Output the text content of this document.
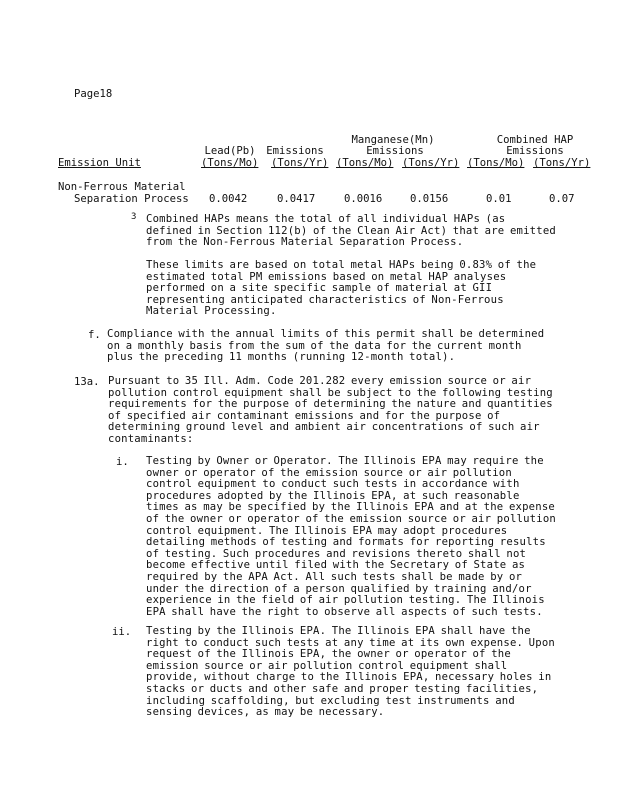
Page18
Manganese(Mn)	Combined HAP
Lead(Pb)	Emissions	Emissions	Emissions
Emission Unit	(Tons/Mo) (Tons/Yr) (Tons/Mo) (Tons/Yr) (Tons/Mo) (Tons/Yr)
Non-Ferrous Material
Separation Process 0.0042	0.0417	0.0016	0.0156	0.01	0.07
3 Combined HAPs means the total of all individual HAPs (as defined in Section 112(b) of the Clean Air Act) that are emitted from the Non-Ferrous Material Separation Process.
These limits are based on total metal HAPs being 0.83% of the estimated total PM emissions based on metal HAP analyses performed on a site specific sample of material at GII representing anticipated characteristics of Non-Ferrous Material Processing.
f. Compliance with the annual limits of this permit shall be determined on a monthly basis from the sum of the data for the current month plus the preceding 11 months (running 12-month total).
13a. Pursuant to 35 Ill. Adm. Code 201.282 every emission source or air pollution control equipment shall be subject to the following testing requirements for the purpose of determining the nature and quantities of specified air contaminant emissions and for the purpose of determining ground level and ambient air concentrations of such air contaminants:
i. Testing by Owner or Operator. The Illinois EPA may require the owner or operator of the emission source or air pollution control equipment to conduct such tests in accordance with procedures adopted by the Illinois EPA, at such reasonable times as may be specified by the Illinois EPA and at the expense of the owner or operator of the emission source or air pollution control equipment. The Illinois EPA may adopt procedures detailing methods of testing and formats for reporting results of testing. Such procedures and revisions thereto shall not become effective until filed with the Secretary of State as required by the APA Act. All such tests shall be made by or under the direction of a person qualified by training and/or experience in the field of air pollution testing. The Illinois EPA shall have the right to observe all aspects of such tests.
ii. Testing by the Illinois EPA. The Illinois EPA shall have the right to conduct such tests at any time at its own expense. Upon request of the Illinois EPA, the owner or operator of the emission source or air pollution control equipment shall provide, without charge to the Illinois EPA, necessary holes in stacks or ducts and other safe and proper testing facilities, including scaffolding, but excluding test instruments and sensing devices, as may be necessary.
